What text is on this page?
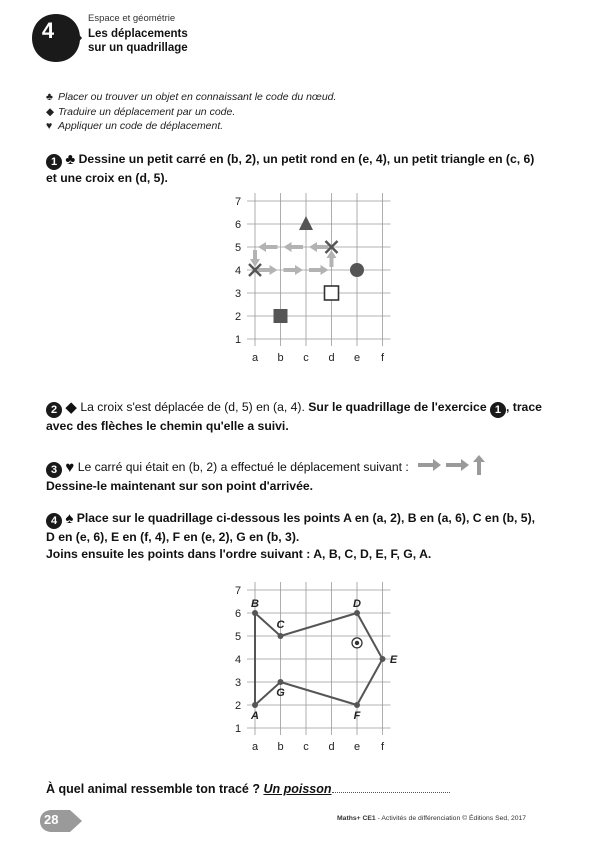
4	Espace et géométrie
Les déplacements
sur un quadrillage
♣ Placer ou trouver un objet en connaissant le code du nœud.
◆ Traduire un déplacement par un code.
♥ Appliquer un code de déplacement.
1 ♣ Dessine un petit carré en (b, 2), un petit rond en (e, 4), un petit triangle en (c, 6)
et une croix en (d, 5).
a b c d e f
1
2
3
4
5
6
7
2 ◆ La croix s'est déplacée de (d, 5) en (a, 4). Sur le quadrillage de l'exercice 1 , trace
avec des flèches le chemin qu'elle a suivi.
3 ♥ Le carré qui était en (b, 2) a effectué le déplacement suivant :
Dessine-le maintenant sur son point d'arrivée.
4 ♠ Place sur le quadrillage ci-dessous les points A en (a, 2), B en (a, 6), C en (b, 5),
D en (e, 6), E en (f, 4), F en (e, 2), G en (b, 3).
Joins ensuite les points dans l'ordre suivant : A, B, C, D, E, F, G, A.
a b c d e f
1
2
3
4
5
6
7
A
B
C
D
E
F
G
À quel animal ressemble ton tracé ? Un poisson
28	Maths+ CE1 - Activités de différenciation © Éditions Sed, 2017
